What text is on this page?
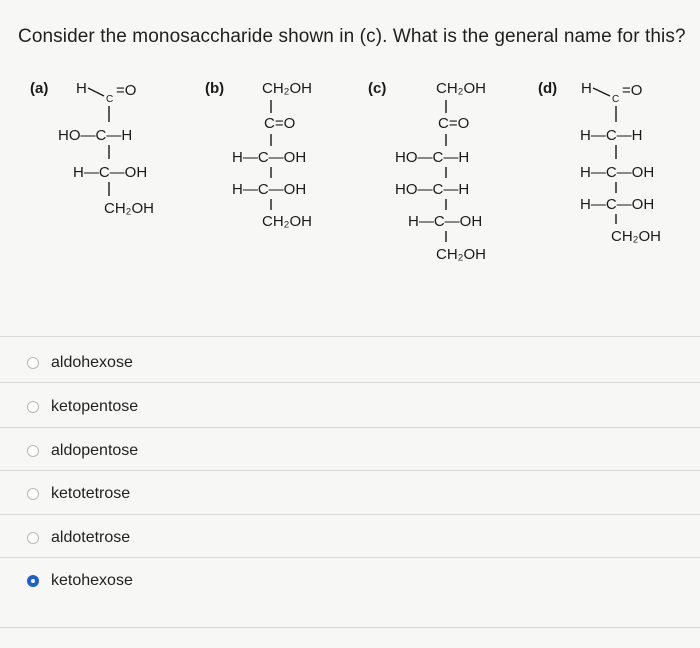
Consider the monosaccharide shown in (c). What is the general name for this?
(a) H
C
=O
HO—C—H
H—C—OH
CH₂OH
(b)	CH₂OH
C=O
H—C—OH
H—C—OH
CH₂OH
(c)	CH₂OH
C=O
HO—C—H
HO—C—H
H—C—OH
CH₂OH
(d) H
C
=O
H—C—H
H—C—OH
H—C—OH
CH₂OH
aldohexose
ketopentose
aldopentose
ketotetrose
aldotetrose
ketohexose
